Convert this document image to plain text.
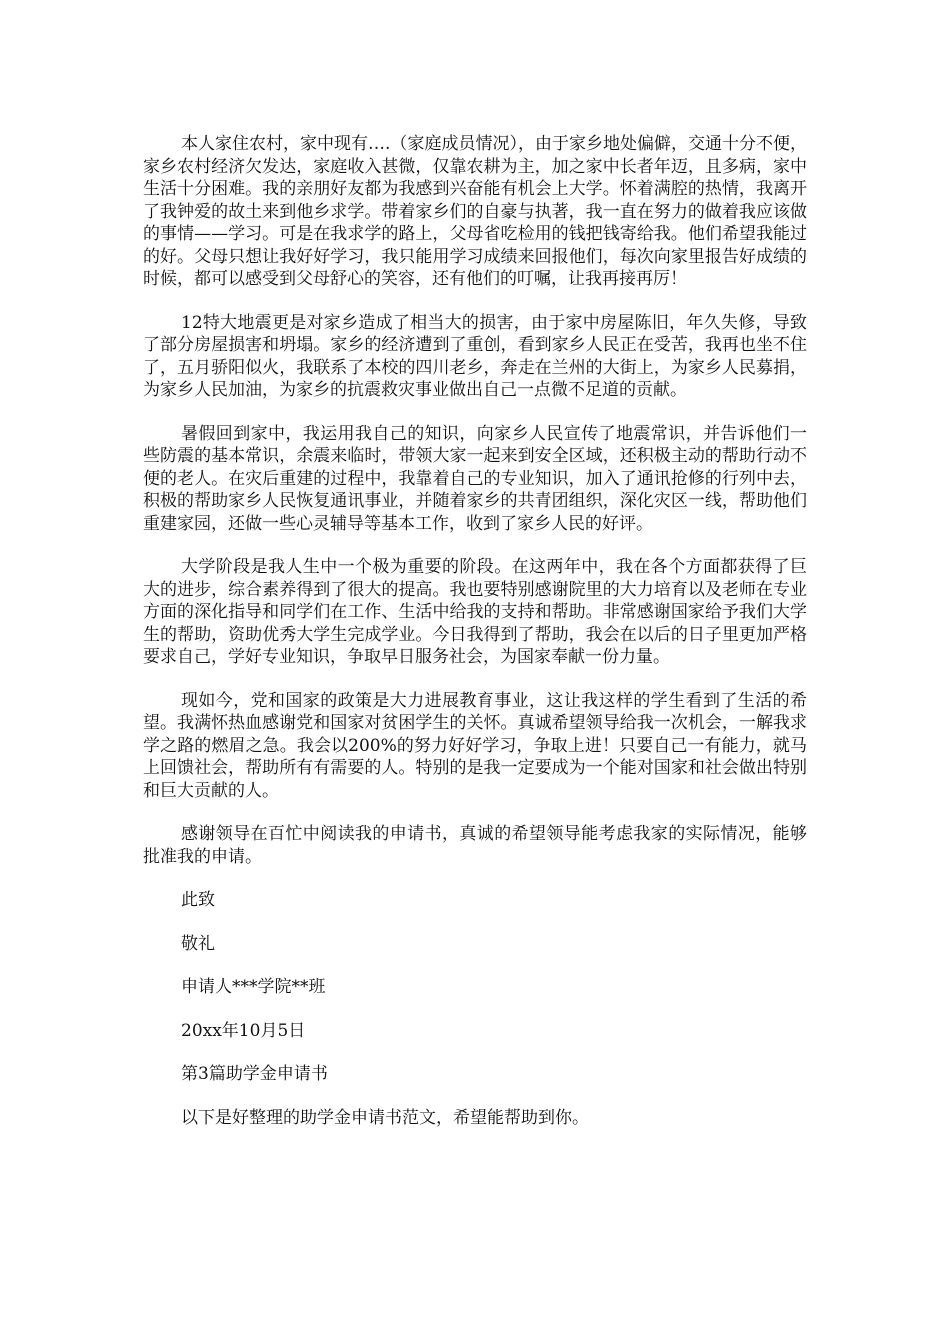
本人家住农村，家中现有….（家庭成员情况），由于家乡地处偏僻，交通十分不便，家乡农村经济欠发达，家庭收入甚微，仅靠农耕为主，加之家中长者年迈，且多病，家中生活十分困难。我的亲朋好友都为我感到兴奋能有机会上大学。怀着满腔的热情，我离开了我钟爱的故土来到他乡求学。带着家乡们的自豪与执著，我一直在努力的做着我应该做的事情——学习。可是在我求学的路上，父母省吃检用的钱把钱寄给我。他们希望我能过的好。父母只想让我好好学习，我只能用学习成绩来回报他们，每次向家里报告好成绩的时候，都可以感受到父母舒心的笑容，还有他们的叮嘱，让我再接再厉！

12特大地震更是对家乡造成了相当大的损害，由于家中房屋陈旧，年久失修，导致了部分房屋损害和坍塌。家乡的经济遭到了重创，看到家乡人民正在受苦，我再也坐不住了，五月骄阳似火，我联系了本校的四川老乡，奔走在兰州的大街上，为家乡人民募捐，为家乡人民加油，为家乡的抗震救灾事业做出自己一点微不足道的贡献。

暑假回到家中，我运用我自己的知识，向家乡人民宣传了地震常识，并告诉他们一些防震的基本常识，余震来临时，带领大家一起来到安全区域，还积极主动的帮助行动不便的老人。在灾后重建的过程中，我靠着自己的专业知识，加入了通讯抢修的行列中去，积极的帮助家乡人民恢复通讯事业，并随着家乡的共青团组织，深化灾区一线，帮助他们重建家园，还做一些心灵辅导等基本工作，收到了家乡人民的好评。

大学阶段是我人生中一个极为重要的阶段。在这两年中，我在各个方面都获得了巨大的进步，综合素养得到了很大的提高。我也要特别感谢院里的大力培育以及老师在专业方面的深化指导和同学们在工作、生活中给我的支持和帮助。非常感谢国家给予我们大学生的帮助，资助优秀大学生完成学业。今日我得到了帮助，我会在以后的日子里更加严格要求自己，学好专业知识，争取早日服务社会，为国家奉献一份力量。

现如今，党和国家的政策是大力进展教育事业，这让我这样的学生看到了生活的希望。我满怀热血感谢党和国家对贫困学生的关怀。真诚希望领导给我一次机会，一解我求学之路的燃眉之急。我会以200%的努力好好学习，争取上进！只要自己一有能力，就马上回馈社会，帮助所有有需要的人。特别的是我一定要成为一个能对国家和社会做出特别和巨大贡献的人。

感谢领导在百忙中阅读我的申请书，真诚的希望领导能考虑我家的实际情况，能够批准我的申请。

此致

敬礼

申请人***学院**班

20xx年10月5日

第3篇助学金申请书

以下是好整理的助学金申请书范文，希望能帮助到你。
